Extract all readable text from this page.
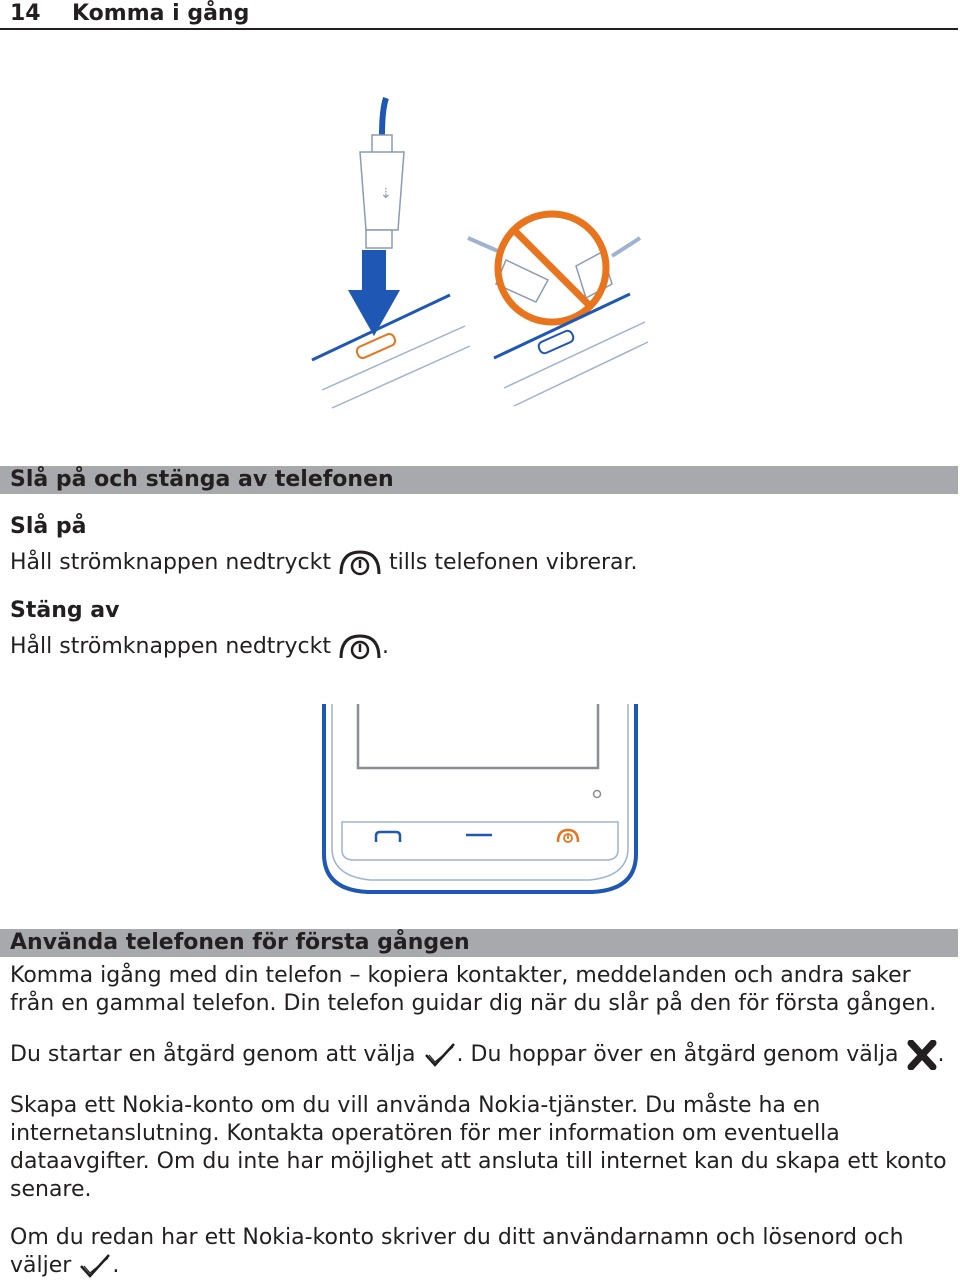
14 Komma i gång
⇣
Slå på och stänga av telefonen
Slå på
Håll strömknappen nedtryckt	tills telefonen vibrerar.
Stäng av
Håll strömknappen nedtryckt .
Använda telefonen för första gången
Komma igång med din telefon – kopiera kontakter, meddelanden och andra saker från en gammal telefon. Din telefon guidar dig när du slår på den för första gången.
Du startar en åtgärd genom att välja . Du hoppar över en åtgärd genom välja .
Skapa ett Nokia-konto om du vill använda Nokia-tjänster. Du måste ha en internetanslutning. Kontakta operatören för mer information om eventuella dataavgifter. Om du inte har möjlighet att ansluta till internet kan du skapa ett konto senare.
Om du redan har ett Nokia-konto skriver du ditt användarnamn och lösenord och väljer .
